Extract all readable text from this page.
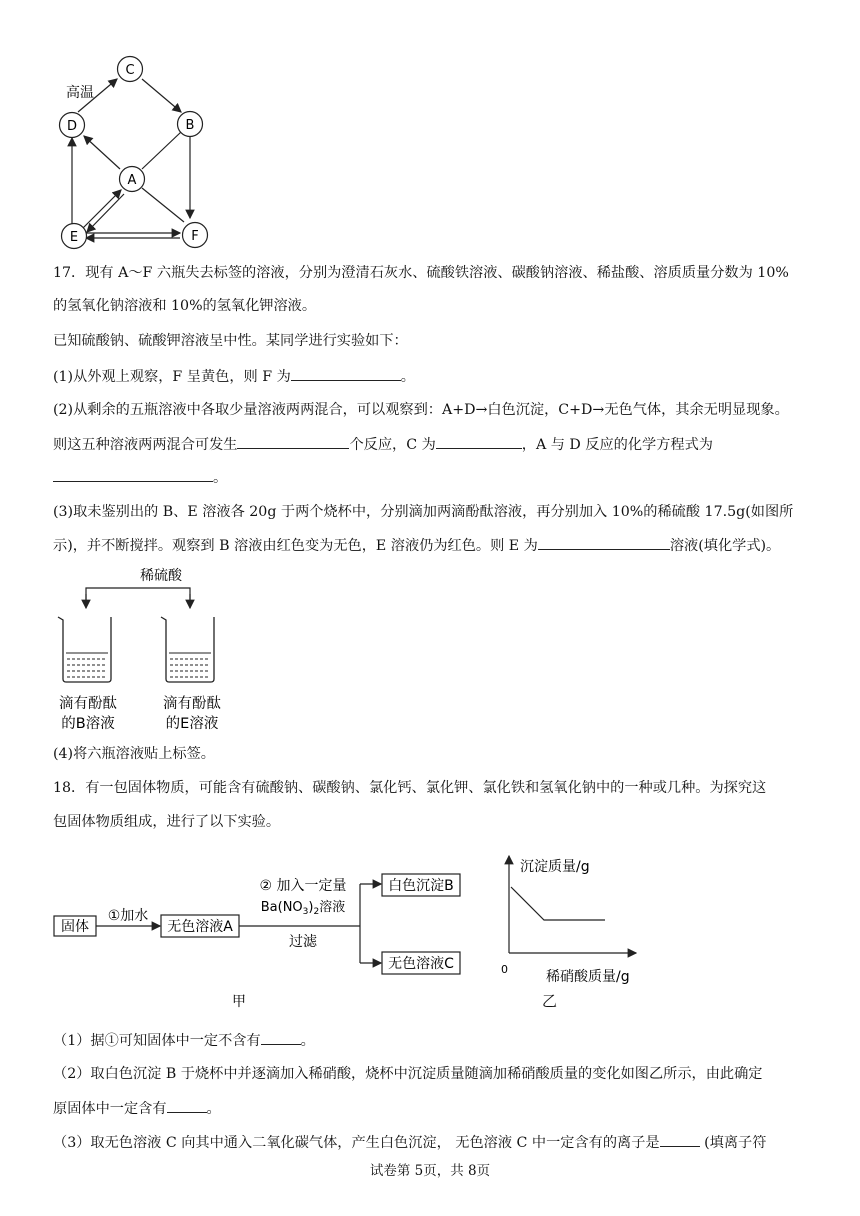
高温
C
D	B
A
E	F
17．现有 A～F 六瓶失去标签的溶液，分别为澄清石灰水、硫酸铁溶液、碳酸钠溶液、稀盐酸、溶质质量分数为 10%
的氢氧化钠溶液和 10%的氢氧化钾溶液。
已知硫酸钠、硫酸钾溶液呈中性。某同学进行实验如下：
(1)从外观上观察，F 呈黄色，则 F 为	。
(2)从剩余的五瓶溶液中各取少量溶液两两混合，可以观察到：A+D→白色沉淀，C+D→无色气体，其余无明显现象。
则这五种溶液两两混合可发生	个反应，C 为	，A 与 D 反应的化学方程式为
。
(3)取未鉴别出的 B、E 溶液各 20g 于两个烧杯中，分别滴加两滴酚酞溶液，再分别加入 10%的稀硫酸 17.5g(如图所
示)，并不断搅拌。观察到 B 溶液由红色变为无色，E 溶液仍为红色。则 E 为	溶液(填化学式)。
稀硫酸
滴有酚酞
的B溶液
滴有酚酞
的E溶液
(4)将六瓶溶液贴上标签。
18．有一包固体物质，可能含有硫酸钠、碳酸钠、氯化钙、氯化钾、氯化铁和氢氧化钠中的一种或几种。为探究这
包固体物质组成，进行了以下实验。
固体
①加水
无色溶液A
② 加入一定量
$Ba(NO_3)_2$溶液
过滤
白色沉淀B
无色溶液C
甲
沉淀质量/g
0	稀硝酸质量/g
乙
（1）据①可知固体中一定不含有	。
（2）取白色沉淀 B 于烧杯中并逐滴加入稀硝酸，烧杯中沉淀质量随滴加稀硝酸质量的变化如图乙所示，由此确定
原固体中一定含有	。
（3）取无色溶液 C 向其中通入二氧化碳气体，产生白色沉淀， 无色溶液 C 中一定含有的离子是	(填离子符
试卷第 5页，共 8页
